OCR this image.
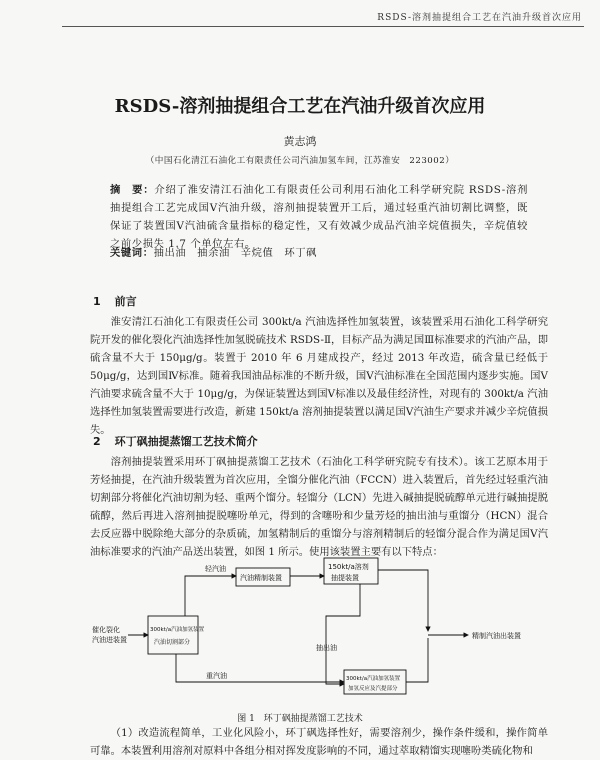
RSDS-溶剂抽提组合工艺在汽油升级首次应用
RSDS-溶剂抽提组合工艺在汽油升级首次应用
黄志鸿
（中国石化清江石油化工有限责任公司汽油加氢车间，江苏淮安　223002）

摘　要：介绍了淮安清江石油化工有限责任公司利用石油化工科学研究院 RSDS-溶剂抽提组合工艺完成国Ⅴ汽油升级，溶剂抽提装置开工后，通过轻重汽油切割比调整，既保证了装置国Ⅴ汽油硫含量指标的稳定性，又有效减少成品汽油辛烷值损失，辛烷值较之前少损失 1.7 个单位左右。

关键词：抽出油　抽余油　辛烷值　环丁砜

1 前言

淮安清江石油化工有限责任公司 300kt/a 汽油选择性加氢装置，该装置采用石油化工科学研究院开发的催化裂化汽油选择性加氢脱硫技术 RSDS-Ⅱ，目标产品为满足国Ⅲ标准要求的汽油产品，即硫含量不大于 150μg/g。装置于 2010 年 6 月建成投产，经过 2013 年改造，硫含量已经低于 50μg/g，达到国Ⅳ标准。随着我国油品标准的不断升级，国Ⅴ汽油标准在全国范围内逐步实施。国Ⅴ汽油要求硫含量不大于 10μg/g，为保证装置达到国Ⅴ标准以及最佳经济性，对现有的 300kt/a 汽油选择性加氢装置需要进行改造，新建 150kt/a 溶剂抽提装置以满足国Ⅴ汽油生产要求并减少辛烷值损失。

2 环丁砜抽提蒸馏工艺技术简介

溶剂抽提装置采用环丁砜抽提蒸馏工艺技术（石油化工科学研究院专有技术）。该工艺原本用于芳烃抽提，在汽油升级装置为首次应用，全馏分催化汽油（FCCN）进入装置后，首先经过轻重汽油切割部分将催化汽油切割为轻、重两个馏分。轻馏分（LCN）先进入碱抽提脱硫醇单元进行碱抽提脱硫醇，然后再进入溶剂抽提脱噻吩单元，得到的含噻吩和少量芳烃的抽出油与重馏分（HCN）混合去反应器中脱除绝大部分的杂质硫，加氢精制后的重馏分与溶剂精制后的轻馏分混合作为满足国Ⅴ汽油标准要求的汽油产品送出装置，如图 1 所示。使用该装置主要有以下特点：

轻汽油
汽油精制装置
150kt/a溶剂
抽提装置
催化裂化
汽油进装置
300kt/a汽油加氢装置
汽油切割部分
抽出油
精制汽油出装置
重汽油	300kt/a汽油加氢装置
加氢反应及汽提部分
图 1　环丁砜抽提蒸馏工艺技术

（1）改造流程简单，工业化风险小，环丁砜选择性好，需要溶剂少，操作条件缓和，操作简单可靠。本装置利用溶剂对原料中各组分相对挥发度影响的不同，通过萃取精馏实现噻吩类硫化物和
